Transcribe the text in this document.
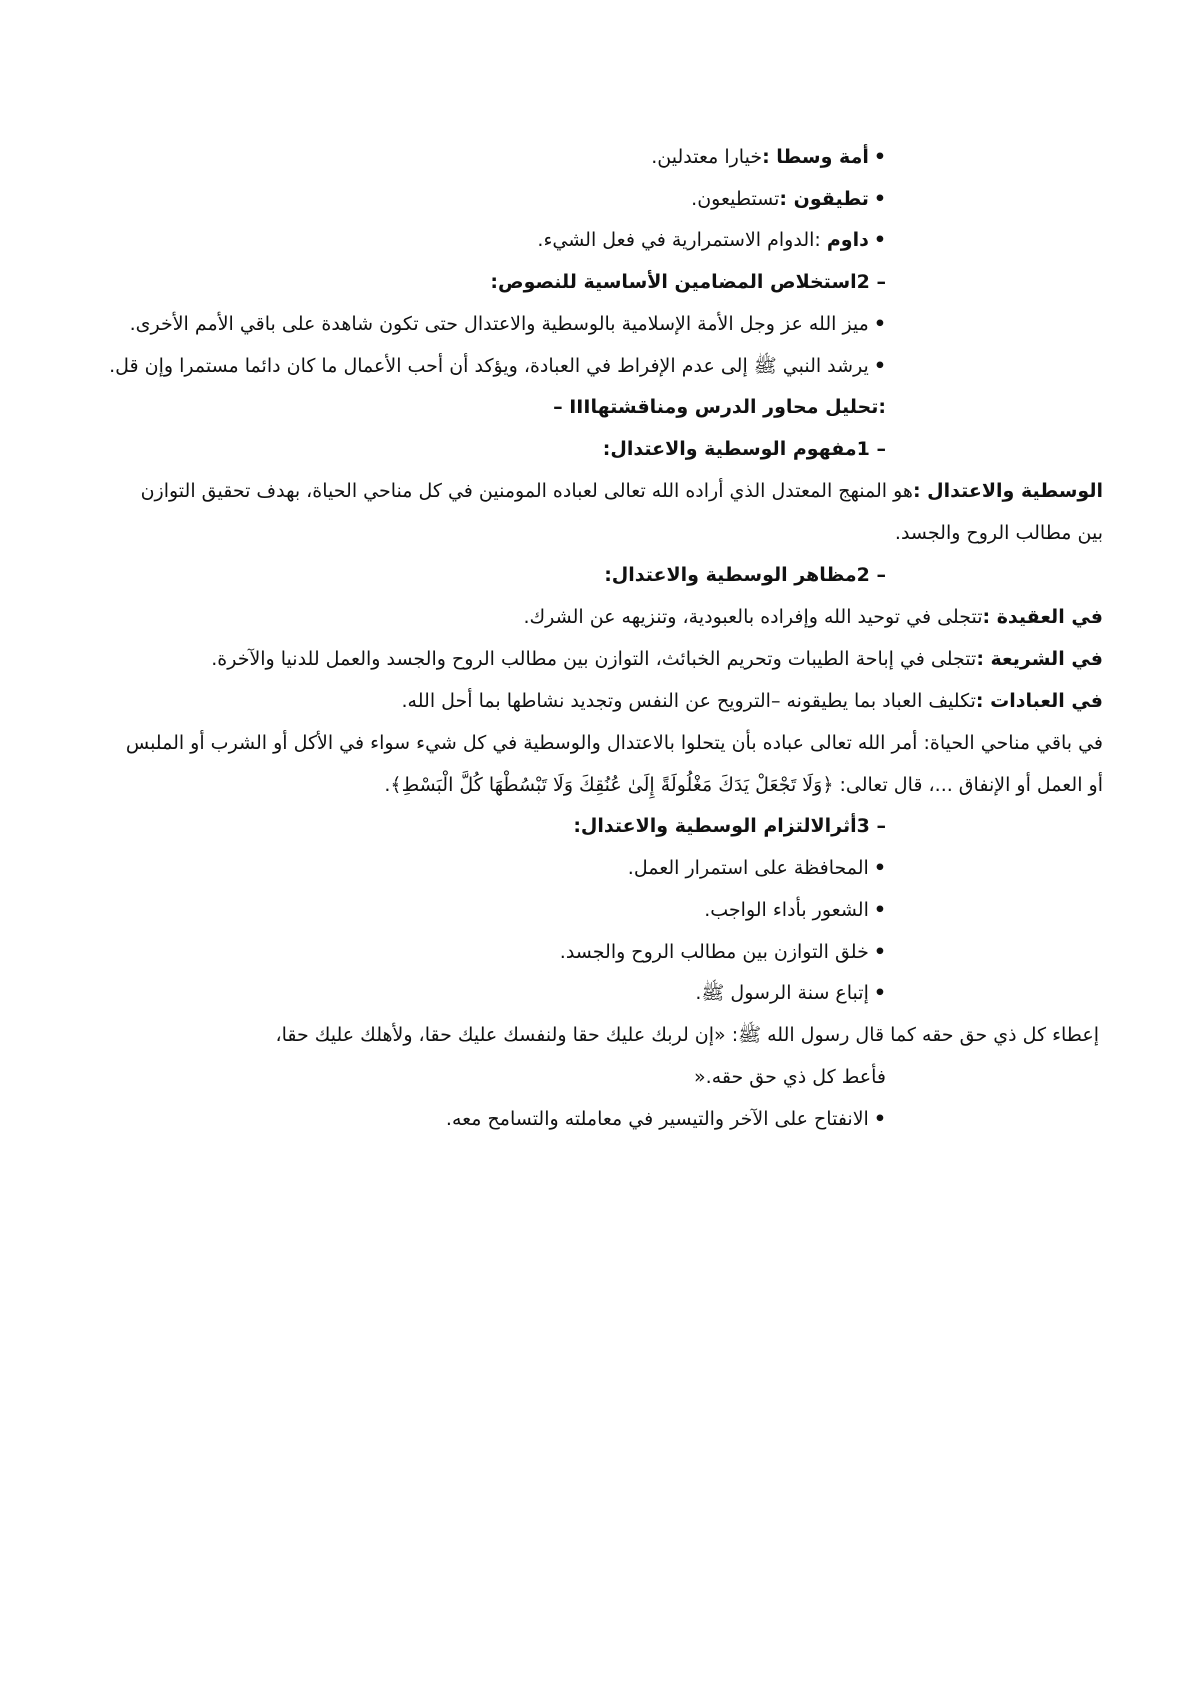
•أمة وسطا :خيارا معتدلين.
•تطيقون :تستطيعون.
•داوم :الدوام الاستمرارية في فعل الشيء.
– 2استخلاص المضامين الأساسية للنصوص:
•ميز الله عز وجل الأمة الإسلامية بالوسطية والاعتدال حتى تكون شاهدة على باقي الأمم الأخرى.
•يرشد النبي ﷺ إلى عدم الإفراط في العبادة، ويؤكد أن أحب الأعمال ما كان دائما مستمرا وإن قل.
– IIIتحليل محاور الدرس ومناقشتها:
– 1مفهوم الوسطية والاعتدال:
الوسطية والاعتدال :هو المنهج المعتدل الذي أراده الله تعالى لعباده المومنين في كل مناحي الحياة، بهدف تحقيق التوازن
بين مطالب الروح والجسد.
– 2مظاهر الوسطية والاعتدال:
في العقيدة :تتجلى في توحيد الله وإفراده بالعبودية، وتنزيهه عن الشرك.
في الشريعة :تتجلى في إباحة الطيبات وتحريم الخبائث، التوازن بين مطالب الروح والجسد والعمل للدنيا والآخرة.
في العبادات :تكليف العباد بما يطيقونه –الترويح عن النفس وتجديد نشاطها بما أحل الله.
في باقي مناحي الحياة: أمر الله تعالى عباده بأن يتحلوا بالاعتدال والوسطية في كل شيء سواء في الأكل أو الشرب أو الملبس
أو العمل أو الإنفاق ...، قال تعالى: ﴿وَلَا تَجْعَلْ يَدَكَ مَغْلُولَةً إِلَىٰ عُنُقِكَ وَلَا تَبْسُطْهَا كُلَّ الْبَسْطِ﴾.
– 3أثرالالتزام الوسطية والاعتدال:
•المحافظة على استمرار العمل.
•الشعور بأداء الواجب.
•خلق التوازن بين مطالب الروح والجسد.
•إتباع سنة الرسول ﷺ.
إعطاء كل ذي حق حقه كما قال رسول الله ﷺ: «إن لربك عليك حقا ولنفسك عليك حقا، ولأهلك عليك حقا،
فأعط كل ذي حق حقه.«
•الانفتاح على الآخر والتيسير في معاملته والتسامح معه.
